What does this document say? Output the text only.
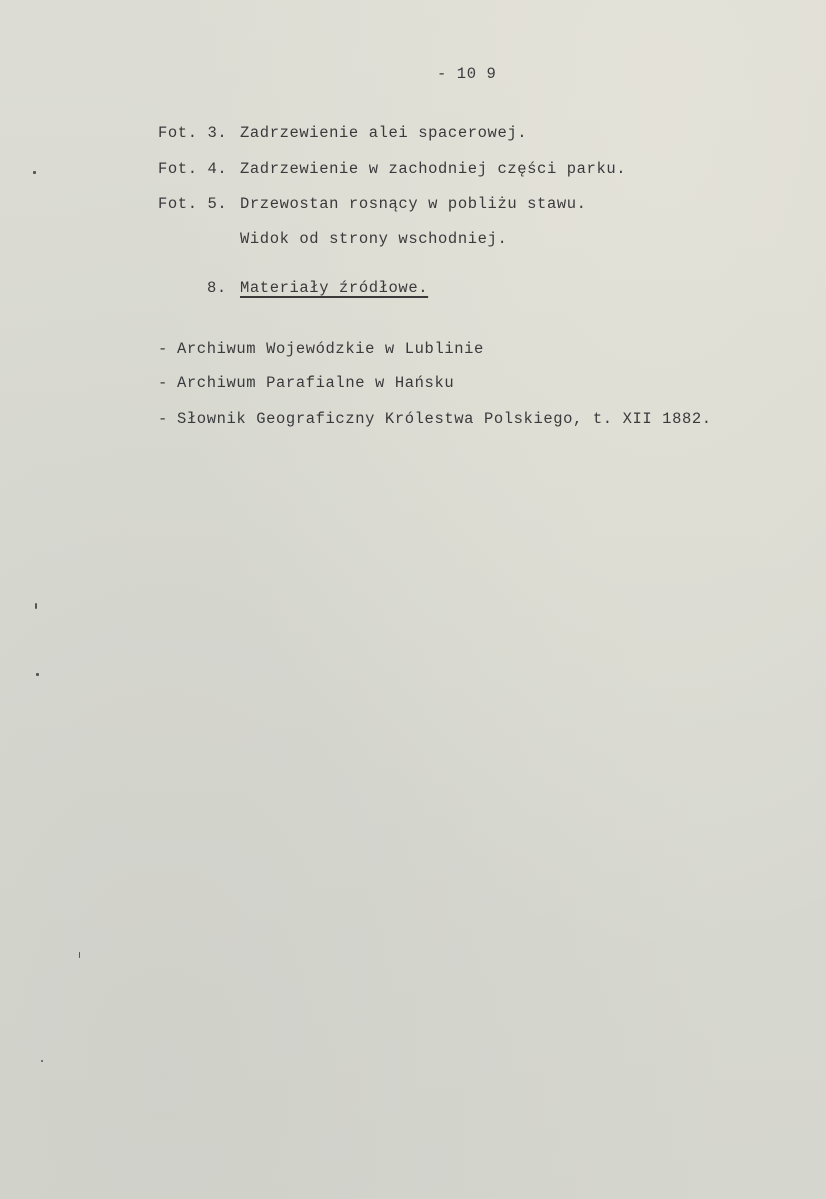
- 10 9
Fot. 3. Zadrzewienie alei spacerowej.
Fot. 4. Zadrzewienie w zachodniej części parku.
Fot. 5. Drzewostan rosnący w pobliżu stawu.
Widok od strony wschodniej.
8. Materiały źródłowe.
- Archiwum Wojewódzkie w Lublinie
- Archiwum Parafialne w Hańsku
- Słownik Geograficzny Królestwa Polskiego, t. XII 1882.
